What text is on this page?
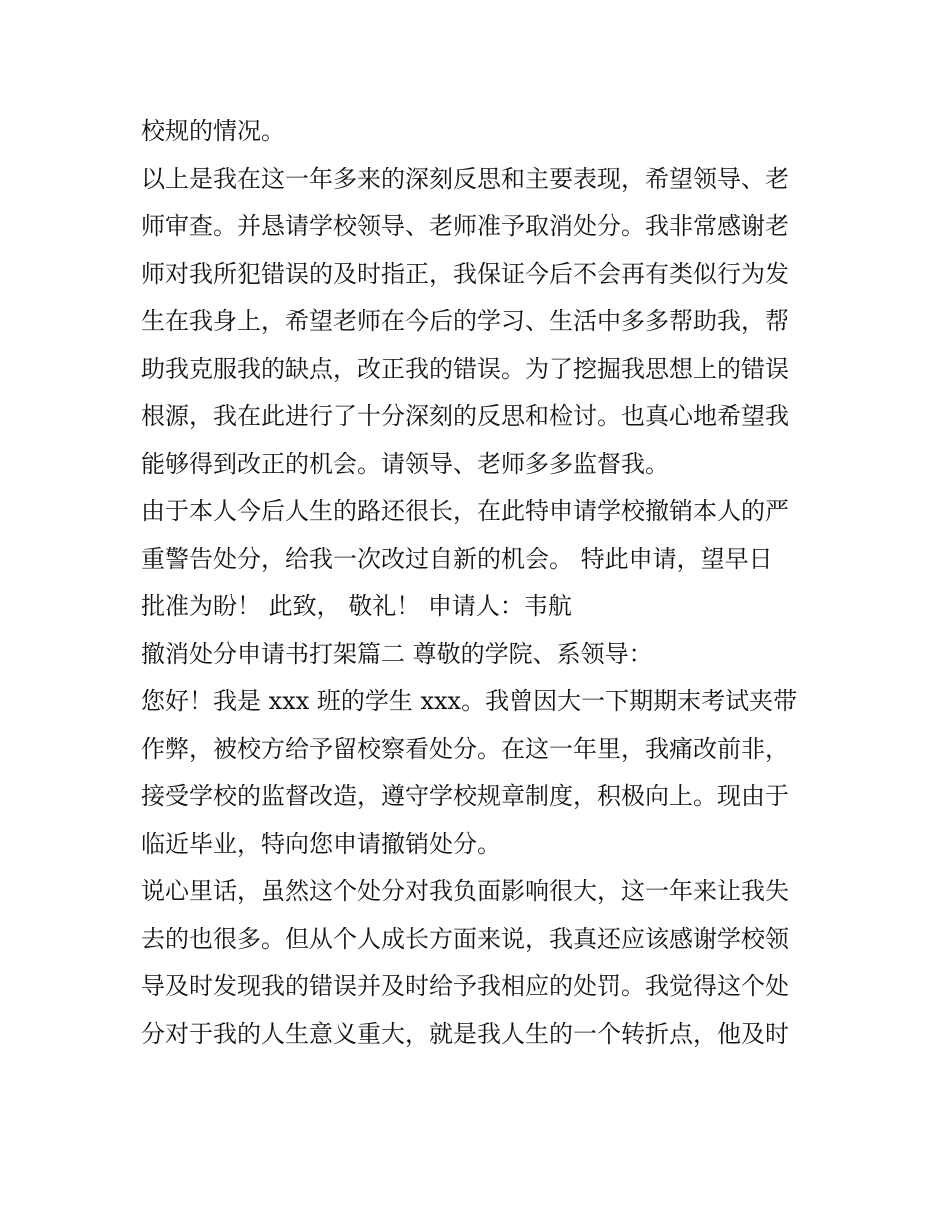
校规的情况。
以上是我在这一年多来的深刻反思和主要表现，希望领导、老
师审查。并恳请学校领导、老师准予取消处分。我非常感谢老
师对我所犯错误的及时指正，我保证今后不会再有类似行为发
生在我身上，希望老师在今后的学习、生活中多多帮助我，帮
助我克服我的缺点，改正我的错误。为了挖掘我思想上的错误
根源，我在此进行了十分深刻的反思和检讨。也真心地希望我
能够得到改正的机会。请领导、老师多多监督我。
由于本人今后人生的路还很长，在此特申请学校撤销本人的严
重警告处分，给我一次改过自新的机会。 特此申请，望早日
批准为盼！ 此致， 敬礼！ 申请人：韦航
撤消处分申请书打架篇二 尊敬的学院、系领导：
您好！我是 xxx 班的学生 xxx。我曾因大一下期期末考试夹带
作弊，被校方给予留校察看处分。在这一年里，我痛改前非，
接受学校的监督改造，遵守学校规章制度，积极向上。现由于
临近毕业，特向您申请撤销处分。
说心里话，虽然这个处分对我负面影响很大，这一年来让我失
去的也很多。但从个人成长方面来说，我真还应该感谢学校领
导及时发现我的错误并及时给予我相应的处罚。我觉得这个处
分对于我的人生意义重大，就是我人生的一个转折点，他及时
